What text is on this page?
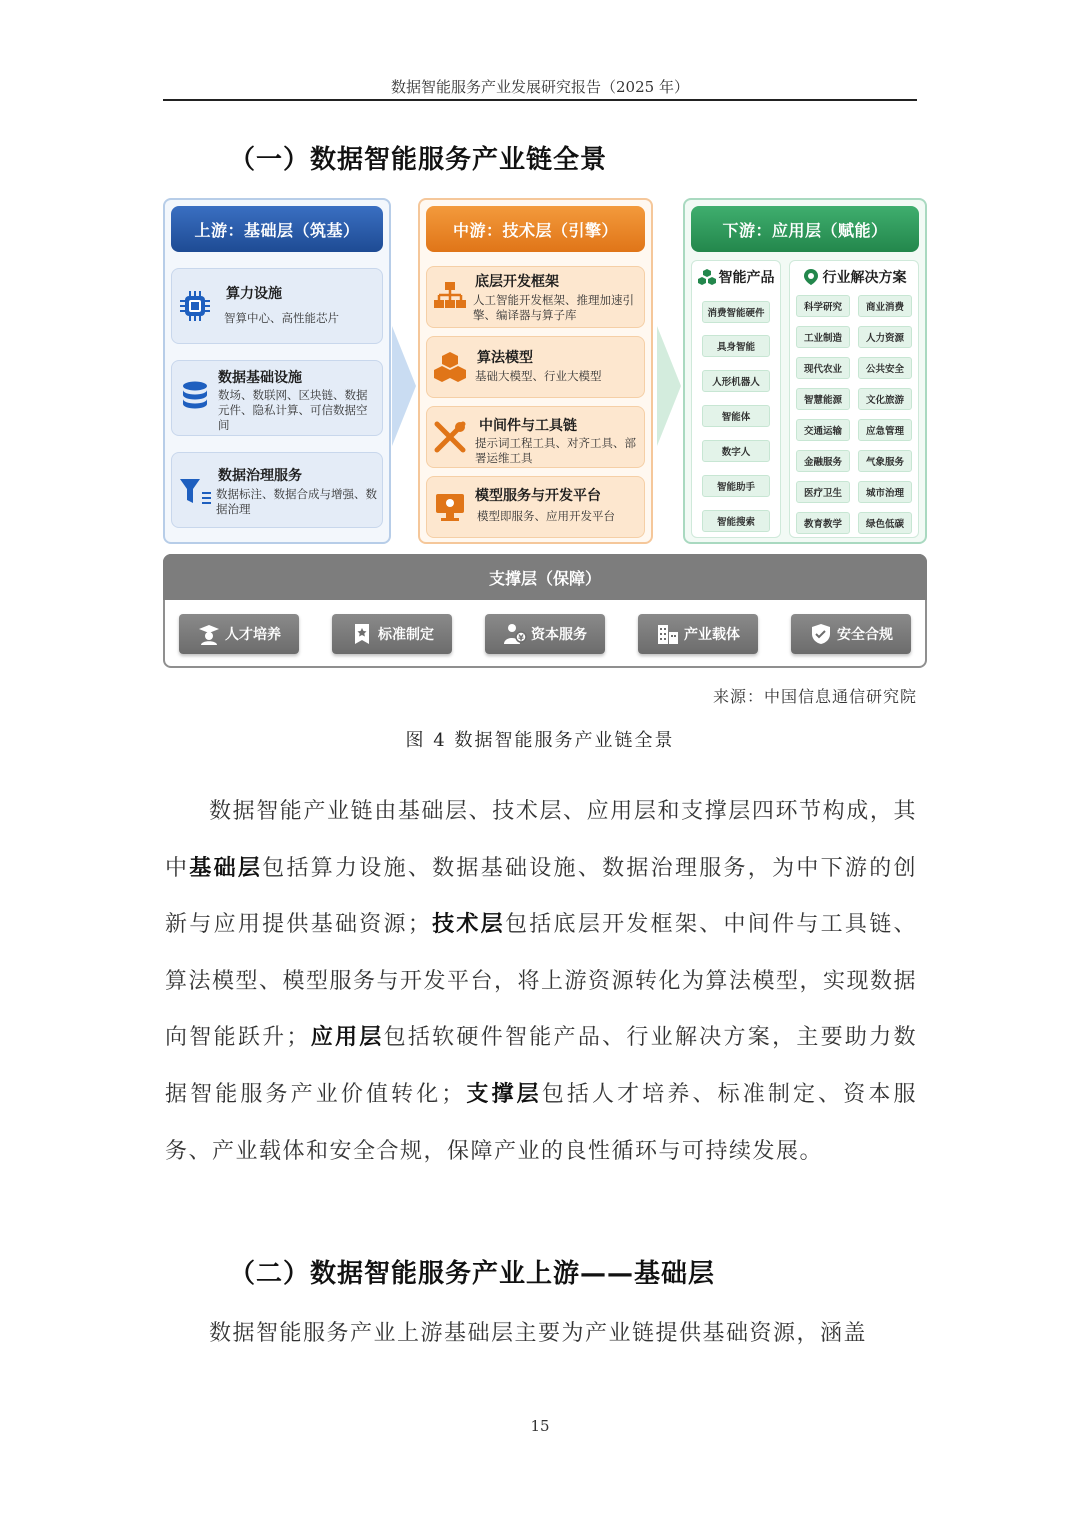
数据智能服务产业发展研究报告（2025 年）
（一）数据智能服务产业链全景
上游：基础层（筑基）
算力设施
智算中心、高性能芯片
数据基础设施
数场、数联网、区块链、数据元件、隐私计算、可信数据空间
数据治理服务
数据标注、数据合成与增强、数据治理
中游：技术层（引擎）
底层开发框架
人工智能开发框架、推理加速引擎、编译器与算子库
算法模型
基础大模型、行业大模型
中间件与工具链
提示词工程工具、对齐工具、部署运维工具
模型服务与开发平台
模型即服务、应用开发平台
下游：应用层（赋能）
智能产品
消费智能硬件
具身智能
人形机器人
智能体
数字人
智能助手
智能搜索
行业解决方案
科学研究	商业消费
工业制造	人力资源
现代农业	公共安全
智慧能源	文化旅游
交通运输	应急管理
金融服务	气象服务
医疗卫生	城市治理
教育教学	绿色低碳
支撑层（保障）
人才培养	标准制定	¥ 资本服务	产业载体	安全合规
来源：中国信息通信研究院
图 4 数据智能服务产业链全景
数据智能产业链由基础层、技术层、应用层和支撑层四环节构成，其中基础层包括算力设施、数据基础设施、数据治理服务，为中下游的创新与应用提供基础资源；技术层包括底层开发框架、中间件与工具链、算法模型、模型服务与开发平台，将上游资源转化为算法模型，实现数据向智能跃升；应用层包括软硬件智能产品、行业解决方案，主要助力数据智能服务产业价值转化；支撑层包括人才培养、标准制定、资本服务、产业载体和安全合规，保障产业的良性循环与可持续发展。
（二）数据智能服务产业上游——基础层
数据智能服务产业上游基础层主要为产业链提供基础资源，涵盖
15
